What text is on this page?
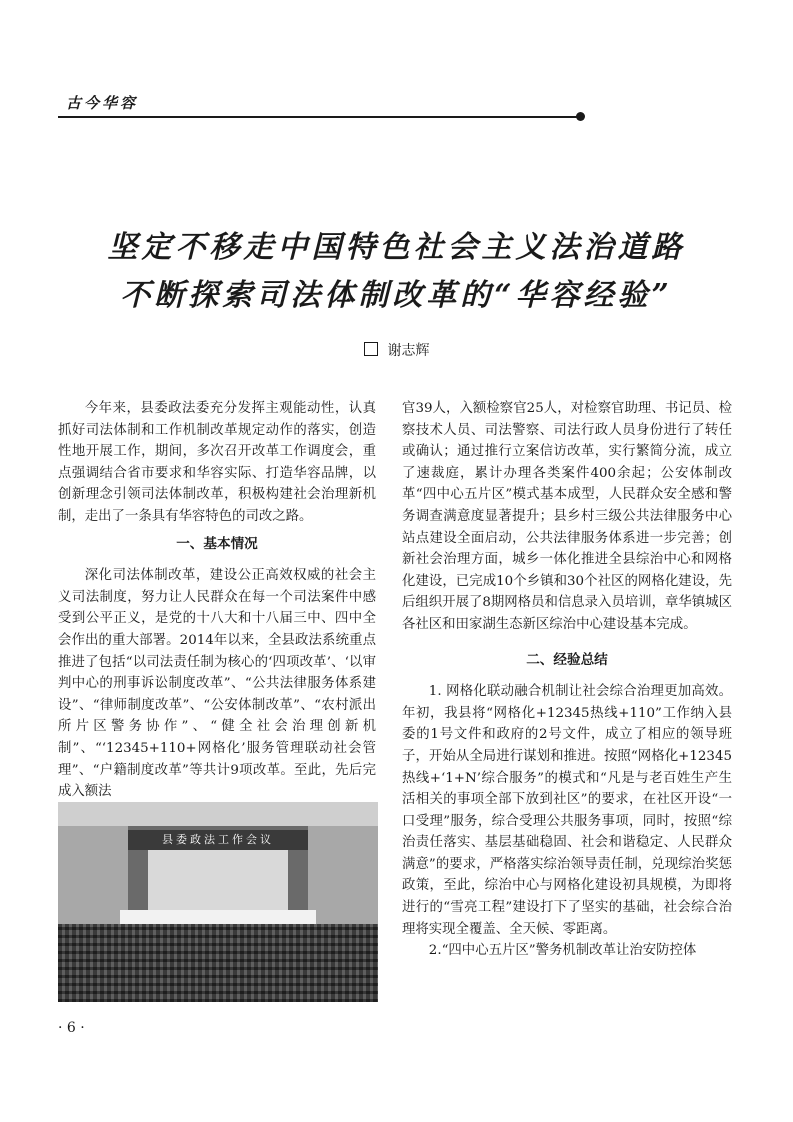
古今华容
坚定不移走中国特色社会主义法治道路
不断探索司法体制改革的“华容经验”
谢志辉

今年来，县委政法委充分发挥主观能动性，认真抓好司法体制和工作机制改革规定动作的落实，创造性地开展工作，期间，多次召开改革工作调度会，重点强调结合省市要求和华容实际、打造华容品牌，以创新理念引领司法体制改革，积极构建社会治理新机制，走出了一条具有华容特色的司改之路。

一、基本情况

深化司法体制改革，建设公正高效权威的社会主义司法制度，努力让人民群众在每一个司法案件中感受到公平正义，是党的十八大和十八届三中、四中全会作出的重大部署。2014年以来，全县政法系统重点推进了包括“以司法责任制为核心的‘四项改革’、‘以审判中心的刑事诉讼制度改革”、“公共法律服务体系建设”、“律师制度改革”、“公安体制改革”、“农村派出所片区警务协作”、“健全社会治理创新机制”、“‘12345+110+网格化’服务管理联动社会管理”、“户籍制度改革”等共计9项改革。至此，先后完成入额法

县委政法工作会议

官39人，入额检察官25人，对检察官助理、书记员、检察技术人员、司法警察、司法行政人员身份进行了转任或确认；通过推行立案信访改革，实行繁简分流，成立了速裁庭，累计办理各类案件400余起；公安体制改革“四中心五片区”模式基本成型，人民群众安全感和警务调查满意度显著提升；县乡村三级公共法律服务中心站点建设全面启动，公共法律服务体系进一步完善；创新社会治理方面，城乡一体化推进全县综治中心和网格化建设，已完成10个乡镇和30个社区的网格化建设，先后组织开展了8期网格员和信息录入员培训，章华镇城区各社区和田家湖生态新区综治中心建设基本完成。

二、经验总结

1. 网格化联动融合机制让社会综合治理更加高效。年初，我县将“网格化+12345热线+110”工作纳入县委的1号文件和政府的2号文件，成立了相应的领导班子，开始从全局进行谋划和推进。按照“网格化+12345热线+‘1+N’综合服务”的模式和“凡是与老百姓生产生活相关的事项全部下放到社区”的要求，在社区开设“一口受理”服务，综合受理公共服务事项，同时，按照“综治责任落实、基层基础稳固、社会和谐稳定、人民群众满意”的要求，严格落实综治领导责任制，兑现综治奖惩政策，至此，综治中心与网格化建设初具规模，为即将进行的“雪亮工程”建设打下了坚实的基础，社会综合治理将实现全覆盖、全天候、零距离。

2.“四中心五片区”警务机制改革让治安防控体

· 6 ·
